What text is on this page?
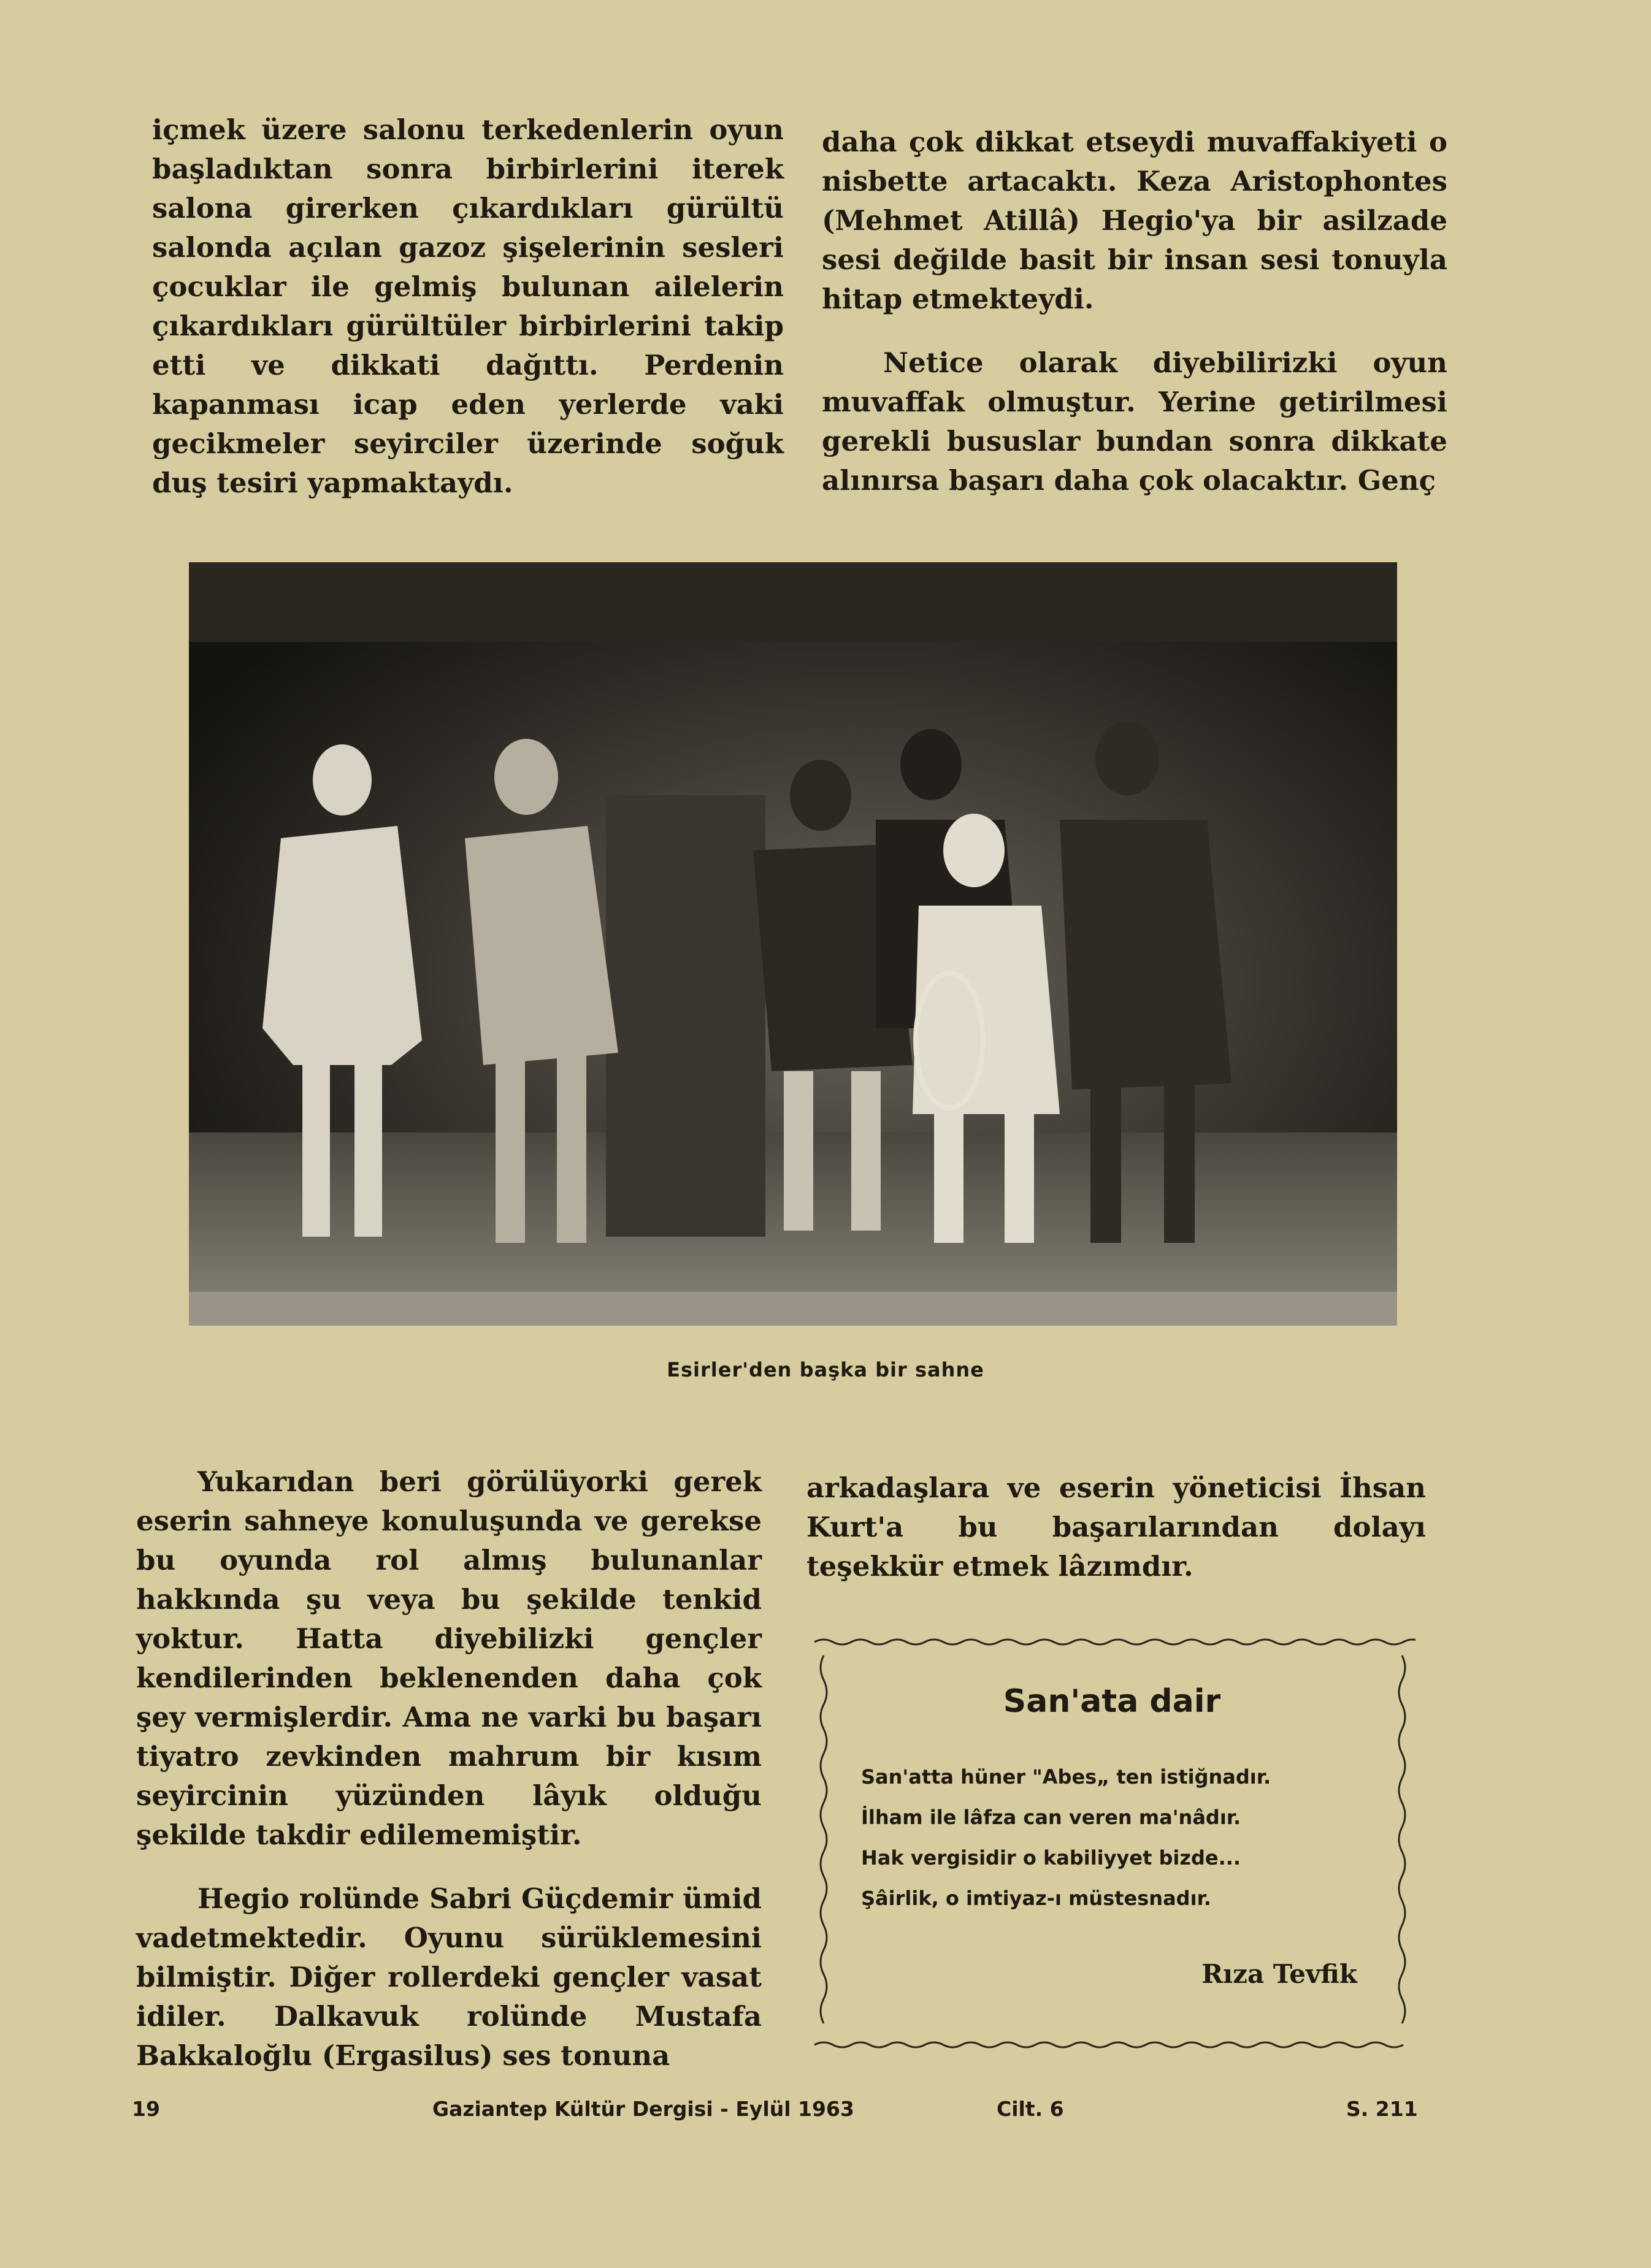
içmek üzere salonu terkedenlerin oyun başladıktan sonra birbirlerini iterek salona girerken çıkardıkları gürültü salonda açılan gazoz şişelerinin sesleri çocuklar ile gelmiş bulunan ailelerin çıkardıkları gürültüler birbirlerini takip etti ve dikkati dağıttı. Perdenin kapanması icap eden yerlerde vaki gecikmeler seyirciler üzerinde soğuk duş tesiri yapmaktaydı.

daha çok dikkat etseydi muvaffakiyeti o nisbette artacaktı. Keza Aristophontes (Mehmet Atillâ) Hegio'ya bir asilzade sesi değilde basit bir insan sesi tonuyla hitap etmekteydi.

Netice olarak diyebilirizki oyun muvaffak olmuştur. Yerine getirilmesi gerekli bususlar bundan sonra dikkate alınırsa başarı daha çok olacaktır. Genç

Esirler'den başka bir sahne

Yukarıdan beri görülüyorki gerek eserin sahneye konuluşunda ve gerekse bu oyunda rol almış bulunanlar hakkında şu veya bu şekilde tenkid yoktur. Hatta diyebilizki gençler kendilerinden beklenenden daha çok şey vermişlerdir. Ama ne varki bu başarı tiyatro zevkinden mahrum bir kısım seyircinin yüzünden lâyık olduğu şekilde takdir edilememiştir.

Hegio rolünde Sabri Güçdemir ümid vadetmektedir. Oyunu sürüklemesini bilmiştir. Diğer rollerdeki gençler vasat idiler. Dalkavuk rolünde Mustafa Bakkaloğlu (Ergasilus) ses tonuna

arkadaşlara ve eserin yöneticisi İhsan Kurt'a bu başarılarından dolayı teşekkür etmek lâzımdır.

San'ata dair
San'atta hüner "Abes„ ten istiğnadır.
İlham ile lâfza can veren ma'nâdır.
Hak vergisidir o kabiliyyet bizde...
Şâirlik, o imtiyaz-ı müstesnadır.
Rıza Tevfik
19	Gaziantep Kültür Dergisi - Eylül 1963	Cilt. 6	S. 211
